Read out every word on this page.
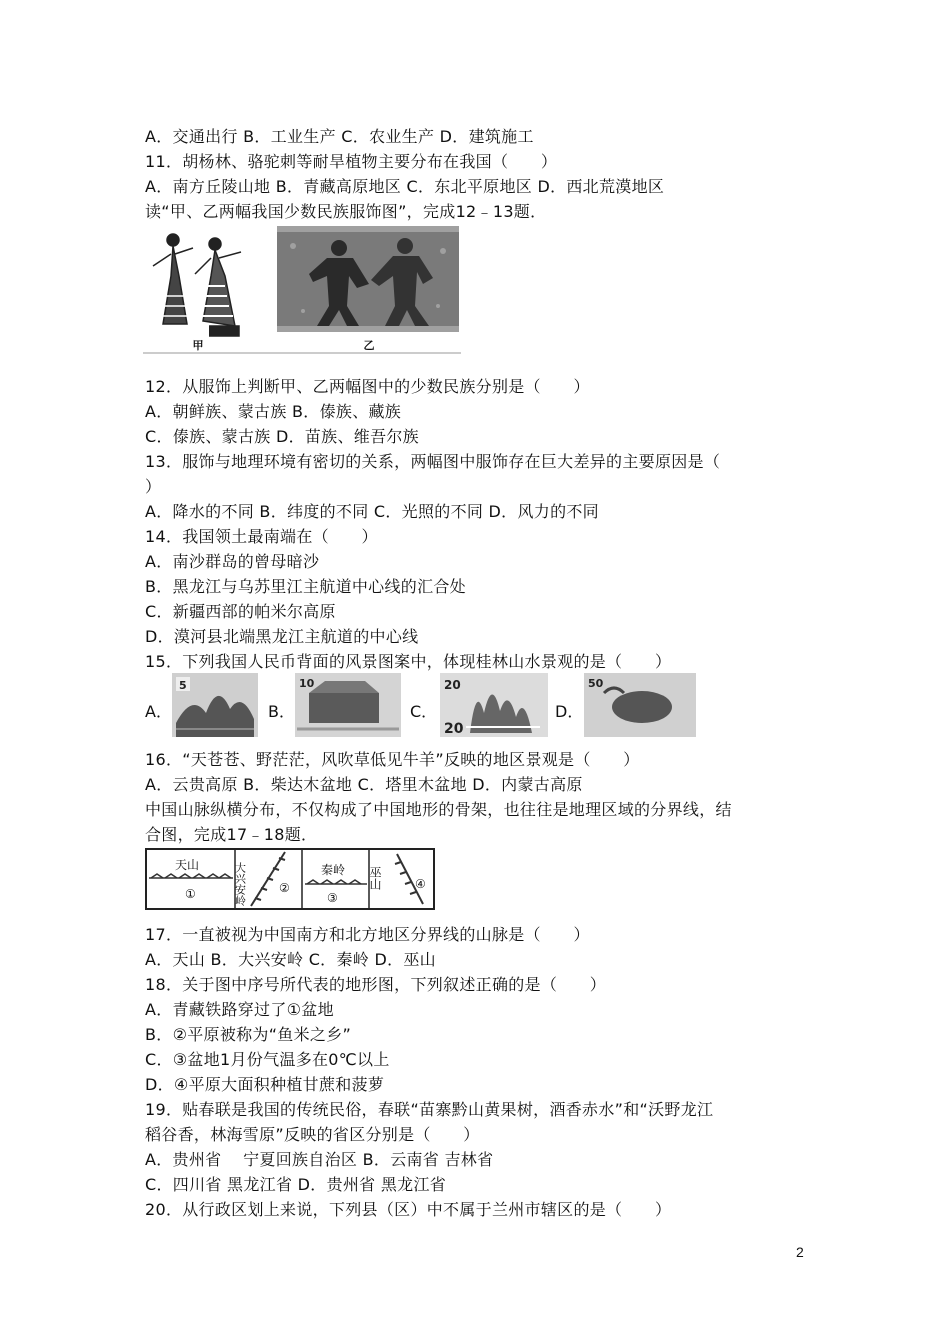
A．交通出行 B．工业生产 C．农业生产 D．建筑施工
11．胡杨林、骆驼刺等耐旱植物主要分布在我国（　　）
A．南方丘陵山地 B．青藏高原地区 C．东北平原地区 D．西北荒漠地区
读“甲、乙两幅我国少数民族服饰图”，完成12﹣13题．
甲	乙
12．从服饰上判断甲、乙两幅图中的少数民族分别是（　　）
A．朝鲜族、蒙古族 B．傣族、藏族
C．傣族、蒙古族 D．苗族、维吾尔族
13．服饰与地理环境有密切的关系，两幅图中服饰存在巨大差异的主要原因是（
）
A．降水的不同 B．纬度的不同 C．光照的不同 D．风力的不同
14．我国领土最南端在（　　）
A．南沙群岛的曾母暗沙
B．黑龙江与乌苏里江主航道中心线的汇合处
C．新疆西部的帕米尔高原
D．漠河县北端黑龙江主航道的中心线
15．下列我国人民币背面的风景图案中，体现桂林山水景观的是（　　）
A．
5
B．
10
C．
20
20
D．
50
16．“天苍苍、野茫茫，风吹草低见牛羊”反映的地区景观是（　　）
A．云贵高原 B．柴达木盆地 C．塔里木盆地 D．内蒙古高原
中国山脉纵横分布，不仅构成了中国地形的骨架，也往往是地理区域的分界线，结
合图，完成17﹣18题．
天山
①	大兴安岭	②
秦岭
③
巫山	④
17．一直被视为中国南方和北方地区分界线的山脉是（　　）
A．天山 B．大兴安岭 C．秦岭 D．巫山
18．关于图中序号所代表的地形图，下列叙述正确的是（　　）
A．青藏铁路穿过了①盆地
B．②平原被称为“鱼米之乡”
C．③盆地1月份气温多在0℃以上
D．④平原大面积种植甘蔗和菠萝
19．贴春联是我国的传统民俗，春联“苗寨黔山黄果树，酒香赤水”和“沃野龙江
稻谷香，林海雪原”反映的省区分别是（　　）
A．贵州省　 宁夏回族自治区 B．云南省 吉林省
C．四川省 黑龙江省 D．贵州省 黑龙江省
20．从行政区划上来说，下列县（区）中不属于兰州市辖区的是（　　）
2
